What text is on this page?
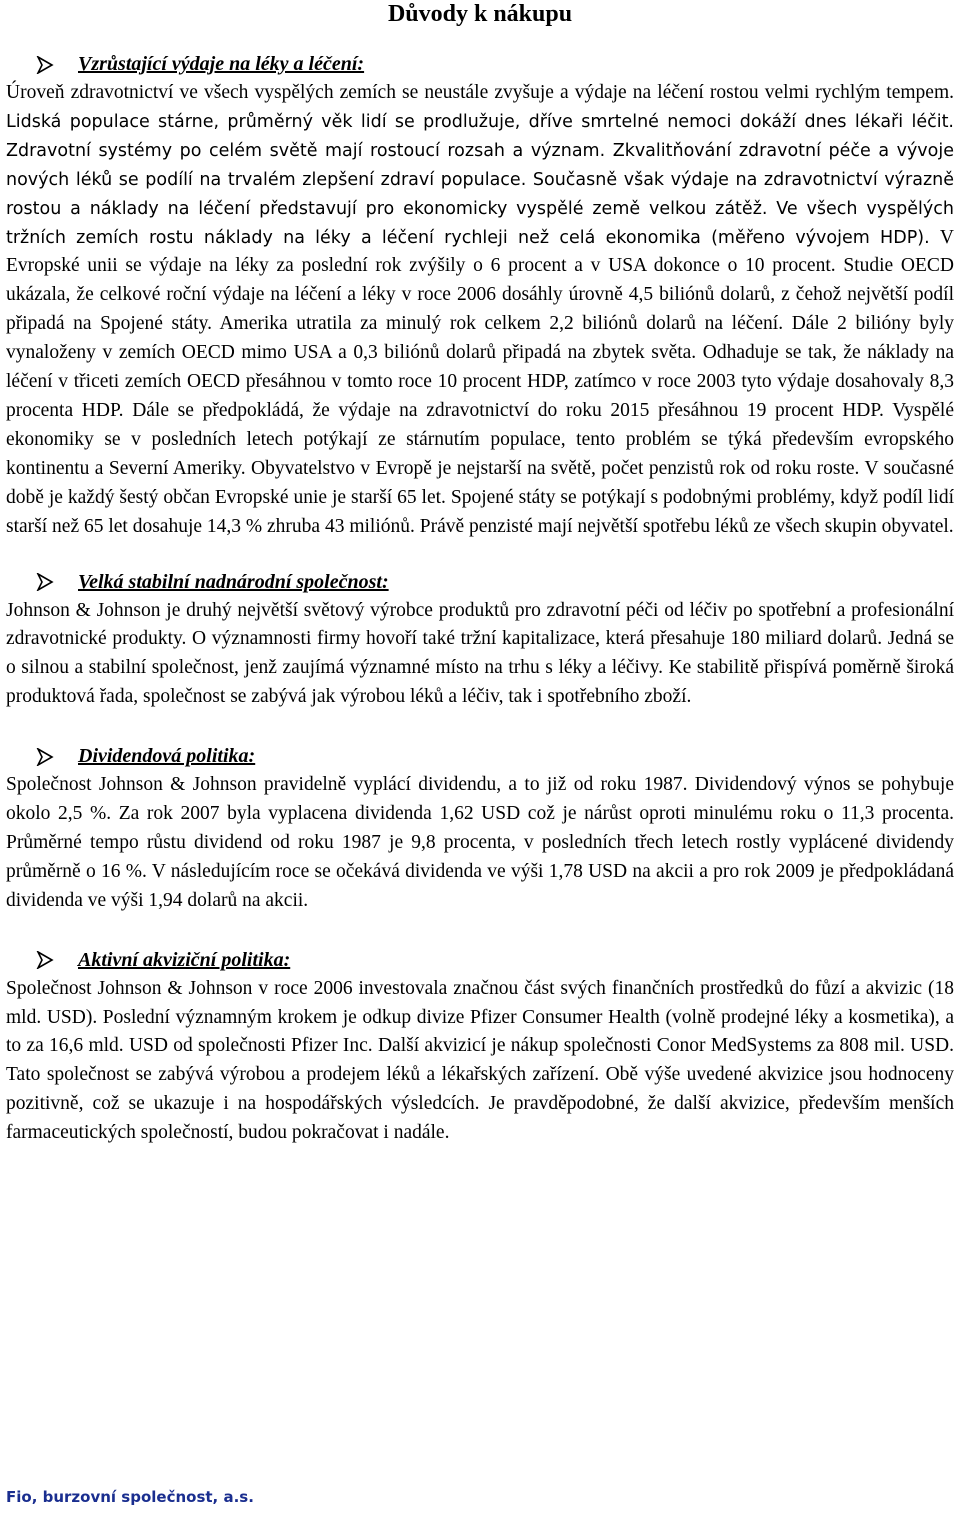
Důvody k nákupu
Vzrůstající výdaje na léky a léčení:

Úroveň zdravotnictví ve všech vyspělých zemích se neustále zvyšuje a výdaje na léčení rostou velmi rychlým tempem. Lidská populace stárne, průměrný věk lidí se prodlužuje, dříve smrtelné nemoci dokáží dnes lékaři léčit. Zdravotní systémy po celém světě mají rostoucí rozsah a význam. Zkvalitňování zdravotní péče a vývoje nových léků se podílí na trvalém zlepšení zdraví populace. Současně však výdaje na zdravotnictví výrazně rostou a náklady na léčení představují pro ekonomicky vyspělé země velkou zátěž. Ve všech vyspělých tržních zemích rostu náklady na léky a léčení rychleji než celá ekonomika (měřeno vývojem HDP). V Evropské unii se výdaje na léky za poslední rok zvýšily o 6 procent a v USA dokonce o 10 procent. Studie OECD ukázala, že celkové roční výdaje na léčení a léky v roce 2006 dosáhly úrovně 4,5 biliónů dolarů, z čehož největší podíl připadá na Spojené státy. Amerika utratila za minulý rok celkem 2,2 biliónů dolarů na léčení. Dále 2 bilióny byly vynaloženy v zemích OECD mimo USA a 0,3 biliónů dolarů připadá na zbytek světa. Odhaduje se tak, že náklady na léčení v třiceti zemích OECD přesáhnou v tomto roce 10 procent HDP, zatímco v roce 2003 tyto výdaje dosahovaly 8,3 procenta HDP. Dále se předpokládá, že výdaje na zdravotnictví do roku 2015 přesáhnou 19 procent HDP. Vyspělé ekonomiky se v posledních letech potýkají ze stárnutím populace, tento problém se týká především evropského kontinentu a Severní Ameriky. Obyvatelstvo v Evropě je nejstarší na světě, počet penzistů rok od roku roste. V současné době je každý šestý občan Evropské unie je starší 65 let. Spojené státy se potýkají s podobnými problémy, když podíl lidí starší než 65 let dosahuje 14,3 % zhruba 43 miliónů. Právě penzisté mají největší spotřebu léků ze všech skupin obyvatel.

Velká stabilní nadnárodní společnost:

Johnson & Johnson je druhý největší světový výrobce produktů pro zdravotní péči od léčiv po spotřební a profesionální zdravotnické produkty. O významnosti firmy hovoří také tržní kapitalizace, která přesahuje 180 miliard dolarů. Jedná se o silnou a stabilní společnost, jenž zaujímá významné místo na trhu s léky a léčivy. Ke stabilitě přispívá poměrně široká produktová řada, společnost se zabývá jak výrobou léků a léčiv, tak i spotřebního zboží.

Dividendová politika:

Společnost Johnson & Johnson pravidelně vyplácí dividendu, a to již od roku 1987. Dividendový výnos se pohybuje okolo 2,5 %. Za rok 2007 byla vyplacena dividenda 1,62 USD což je nárůst oproti minulému roku o 11,3 procenta. Průměrné tempo růstu dividend od roku 1987 je 9,8 procenta, v posledních třech letech rostly vyplácené dividendy průměrně o 16 %. V následujícím roce se očekává dividenda ve výši 1,78 USD na akcii a pro rok 2009 je předpokládaná dividenda ve výši 1,94 dolarů na akcii.

Aktivní akviziční politika:

Společnost Johnson & Johnson v roce 2006 investovala značnou část svých finančních prostředků do fůzí a akvizic (18 mld. USD). Poslední významným krokem je odkup divize Pfizer Consumer Health (volně prodejné léky a kosmetika), a to za 16,6 mld. USD od společnosti Pfizer Inc. Další akvizicí je nákup společnosti Conor MedSystems za 808 mil. USD. Tato společnost se zabývá výrobou a prodejem léků a lékařských zařízení. Obě výše uvedené akvizice jsou hodnoceny pozitivně, což se ukazuje i na hospodářských výsledcích. Je pravděpodobné, že další akvizice, především menších farmaceutických společností, budou pokračovat i nadále.

Fio, burzovní společnost, a.s.
